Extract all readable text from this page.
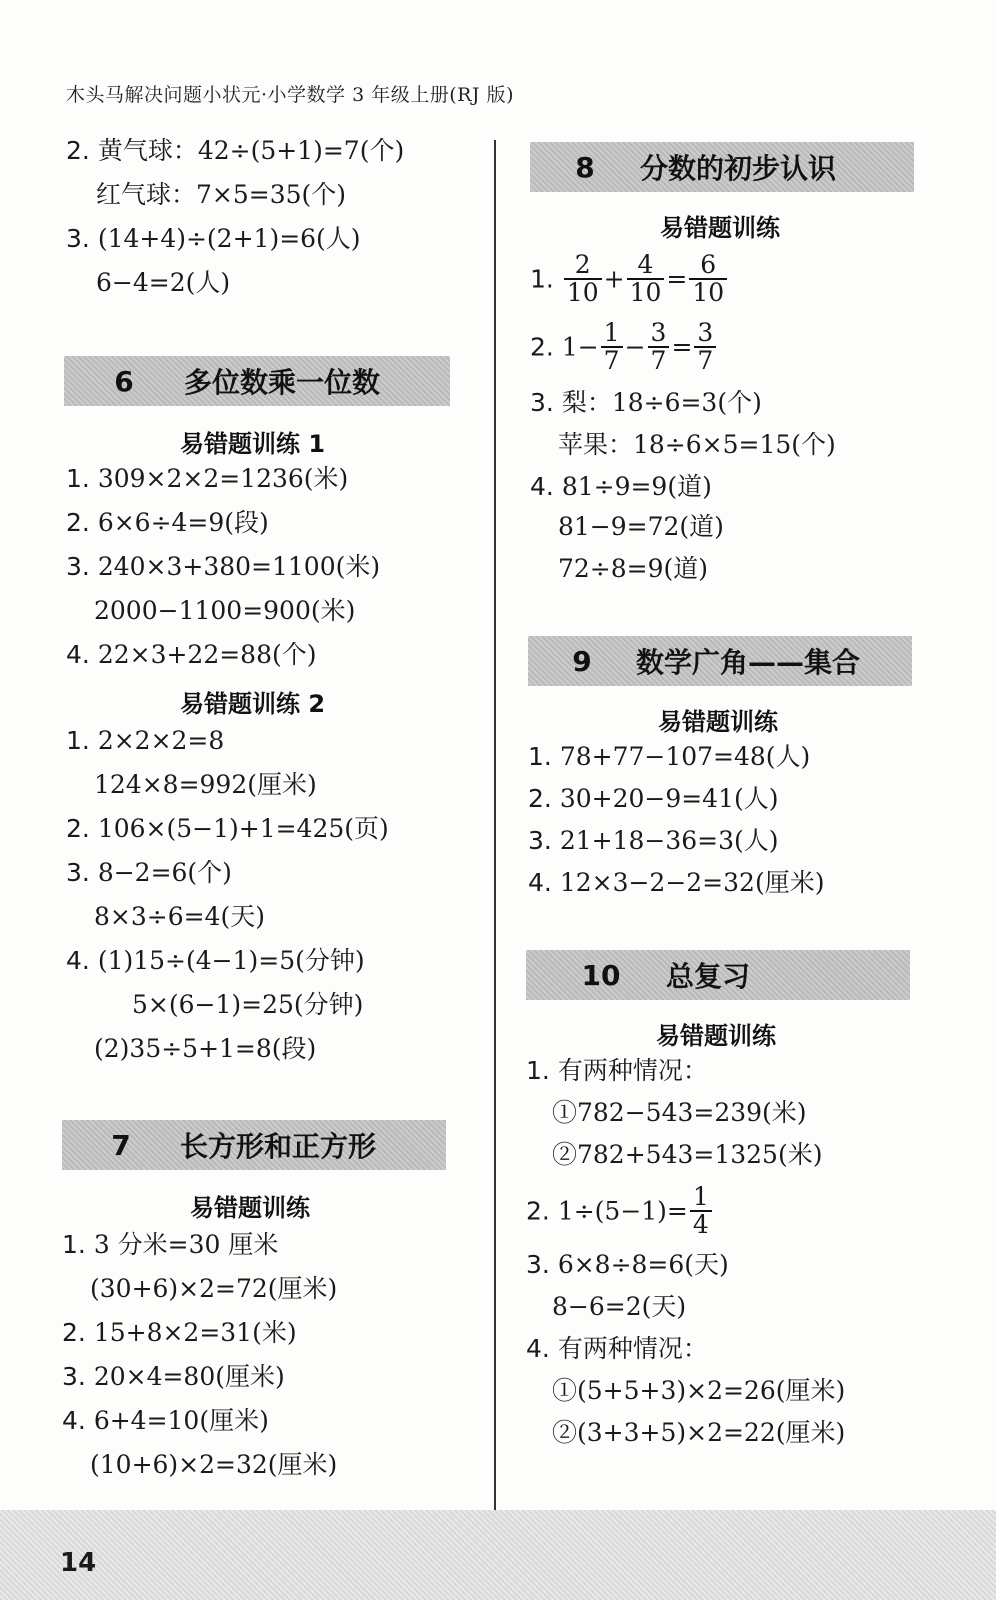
木头马解决问题小状元·小学数学 3 年级上册(RJ 版)
2. 黄气球：42÷(5+1)=7(个)
红气球：7×5=35(个)
3. (14+4)÷(2+1)=6(人)
6−4=2(人)
6	多位数乘一位数
易错题训练 1
1. 309×2×2=1236(米)
2. 6×6÷4=9(段)
3. 240×3+380=1100(米)
2000−1100=900(米)
4. 22×3+22=88(个)
易错题训练 2
1. 2×2×2=8
124×8=992(厘米)
2. 106×(5−1)+1=425(页)
3. 8−2=6(个)
8×3÷6=4(天)
4. (1)15÷(4−1)=5(分钟)
5×(6−1)=25(分钟)
(2)35÷5+1=8(段)
7	长方形和正方形
易错题训练
1. 3 分米=30 厘米
(30+6)×2=72(厘米)
2. 15+8×2=31(米)
3. 20×4=80(厘米)
4. 6+4=10(厘米)
(10+6)×2=32(厘米)
8	分数的初步认识
易错题训练
1. $\frac{2}{10} + \frac{4}{10} = \frac{6}{10}$
2. $1- \frac{1}{7} - \frac{3}{7} = \frac{3}{7}$
3. 梨：18÷6=3(个)
苹果：18÷6×5=15(个)
4. 81÷9=9(道)
81−9=72(道)
72÷8=9(道)
9	数学广角——集合
易错题训练
1. 78+77−107=48(人)
2. 30+20−9=41(人)
3. 21+18−36=3(人)
4. 12×3−2−2=32(厘米)
10	总复习
易错题训练
1. 有两种情况：
①782−543=239(米)
②782+543=1325(米)
2. $1\div(5-1)= \frac{1}{4}$
3. 6×8÷8=6(天)
8−6=2(天)
4. 有两种情况：
①(5+5+3)×2=26(厘米)
②(3+3+5)×2=22(厘米)
14
